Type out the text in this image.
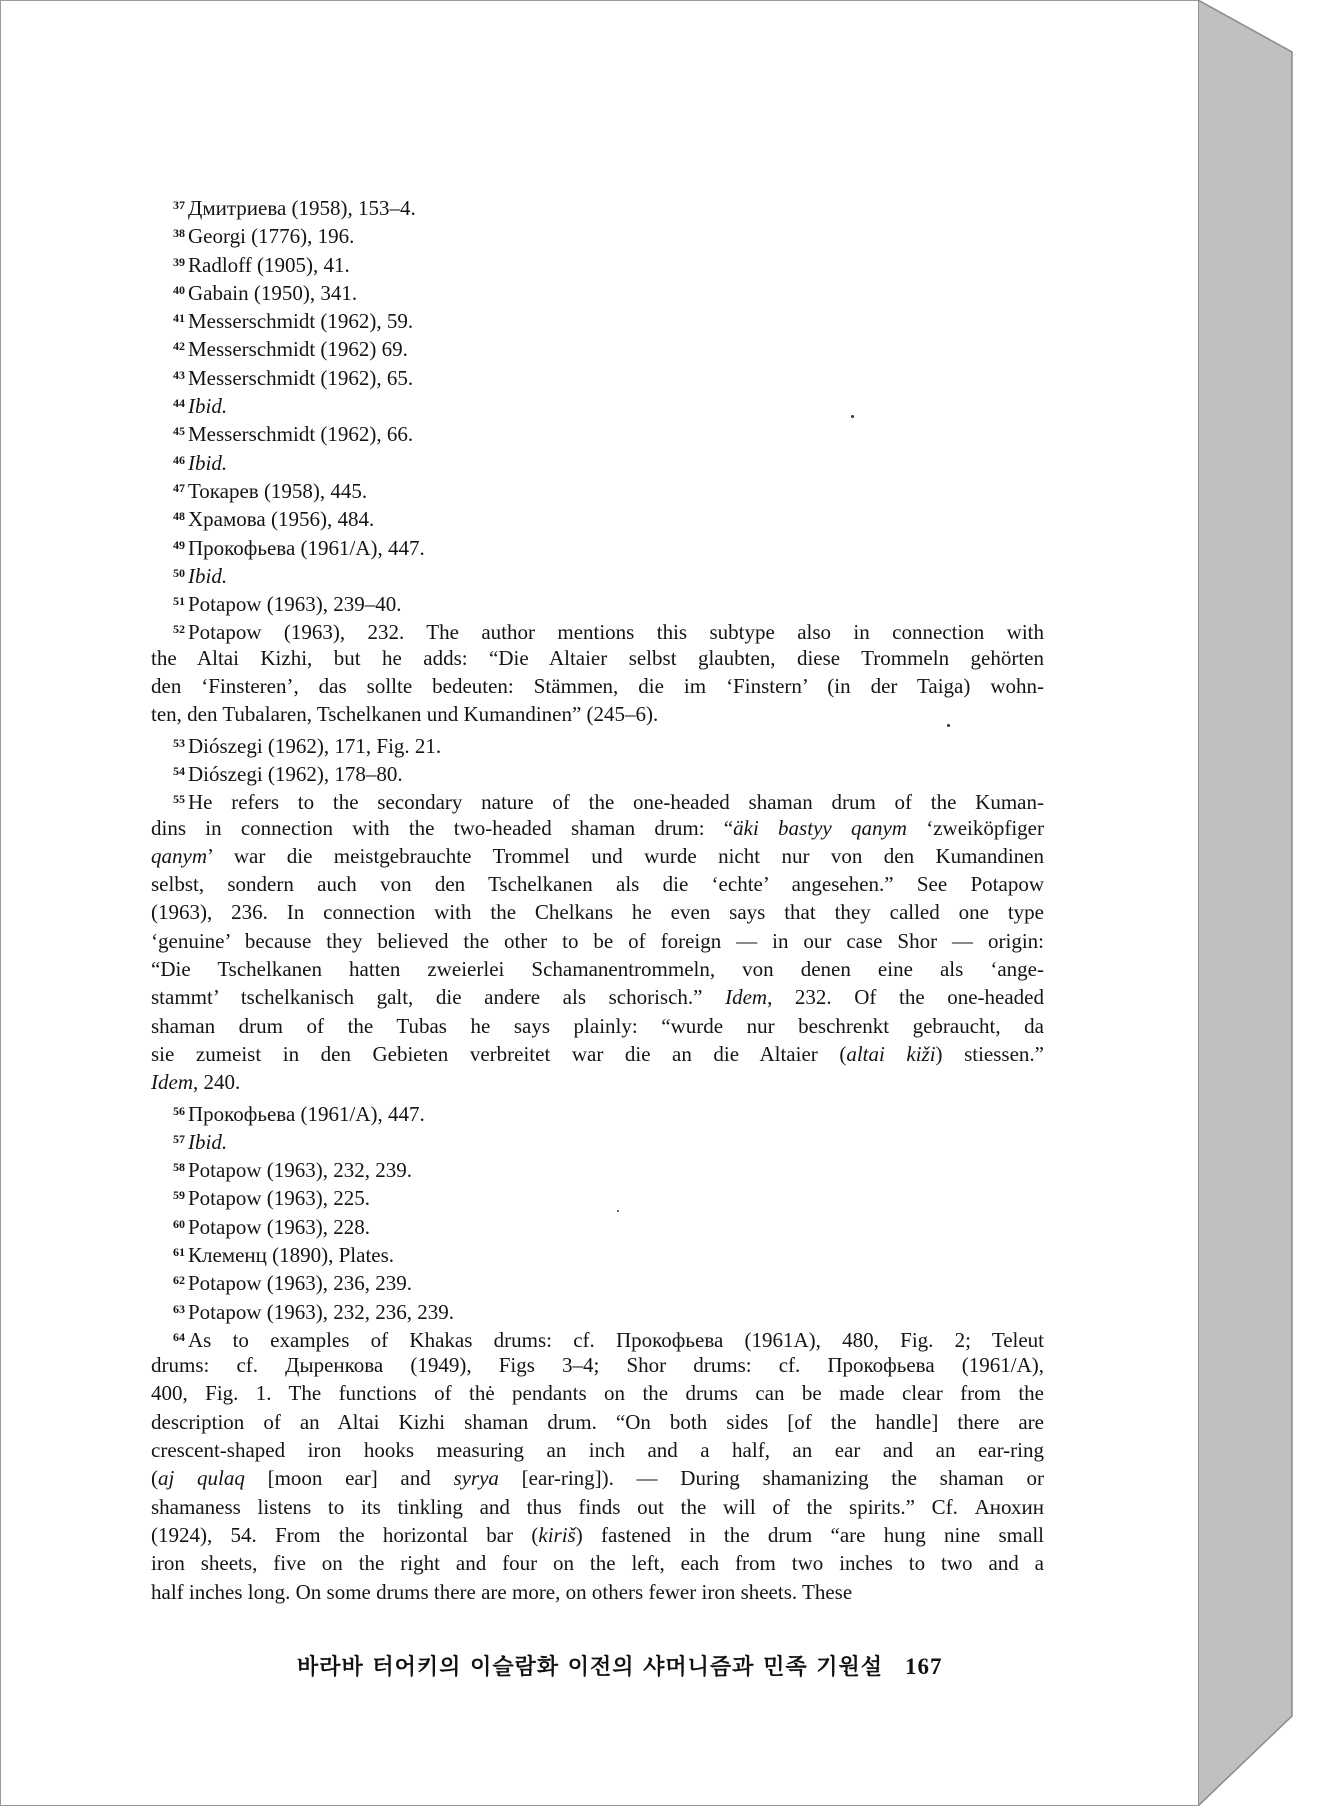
$^{37}$ Дмитриева (1958), 153–4.
$^{38}$ Georgi (1776), 196.
$^{39}$ Radloff (1905), 41.
$^{40}$ Gabain (1950), 341.
$^{41}$ Messerschmidt (1962), 59.
$^{42}$ Messerschmidt (1962) 69.
$^{43}$ Messerschmidt (1962), 65.
$^{44}$ Ibid.
$^{45}$ Messerschmidt (1962), 66.
$^{46}$ Ibid.
$^{47}$ Токарев (1958), 445.
$^{48}$ Храмова (1956), 484.
$^{49}$ Прокофьева (1961/A), 447.
$^{50}$ Ibid.
$^{51}$ Potapow (1963), 239–40.
$^{52}$ Potapow (1963), 232. The author mentions this subtype also in connection with
the Altai Kizhi, but he adds: “Die Altaier selbst glaubten, diese Trommeln gehörten
den ‘Finsteren’, das sollte bedeuten: Stämmen, die im ‘Finstern’ (in der Taiga) wohn-
ten, den Tubalaren, Tschelkanen und Kumandinen” (245–6).
$^{53}$ Diószegi (1962), 171, Fig. 21.
$^{54}$ Diószegi (1962), 178–80.
$^{55}$ He refers to the secondary nature of the one-headed shaman drum of the Kuman-
dins in connection with the two-headed shaman drum: “äki bastyy qanym ‘zweiköpfiger
qanym’ war die meistgebrauchte Trommel und wurde nicht nur von den Kumandinen
selbst, sondern auch von den Tschelkanen als die ‘echte’ angesehen.” See Potapow
(1963), 236. In connection with the Chelkans he even says that they called one type
‘genuine’ because they believed the other to be of foreign — in our case Shor — origin:
“Die Tschelkanen hatten zweierlei Schamanentrommeln, von denen eine als ‘ange-
stammt’ tschelkanisch galt, die andere als schorisch.” Idem, 232. Of the one-headed
shaman drum of the Tubas he says plainly: “wurde nur beschrenkt gebraucht, da
sie zumeist in den Gebieten verbreitet war die an die Altaier (altai kiži) stiessen.”
Idem, 240.
$^{56}$ Прокофьева (1961/A), 447.
$^{57}$ Ibid.
$^{58}$ Potapow (1963), 232, 239.
$^{59}$ Potapow (1963), 225.
$^{60}$ Potapow (1963), 228.
$^{61}$ Клеменц (1890), Plates.
$^{62}$ Potapow (1963), 236, 239.
$^{63}$ Potapow (1963), 232, 236, 239.
$^{64}$ As to examples of Khakas drums: cf. Прокофьева (1961A), 480, Fig. 2; Teleut
drums: cf. Дыренкова (1949), Figs 3–4; Shor drums: cf. Прокофьева (1961/A),
400, Fig. 1. The functions of thė pendants on the drums can be made clear from the
description of an Altai Kizhi shaman drum. “On both sides [of the handle] there are
crescent-shaped iron hooks measuring an inch and a half, an ear and an ear-ring
(aj qulaq [moon ear] and syrya [ear-ring]). — During shamanizing the shaman or
shamaness listens to its tinkling and thus finds out the will of the spirits.” Cf. Анохин
(1924), 54. From the horizontal bar (kiriš) fastened in the drum “are hung nine small
iron sheets, five on the right and four on the left, each from two inches to two and a
half inches long. On some drums there are more, on others fewer iron sheets. These
바라바 터어키의 이슬람화 이전의 샤머니즘과 민족 기원설 167
